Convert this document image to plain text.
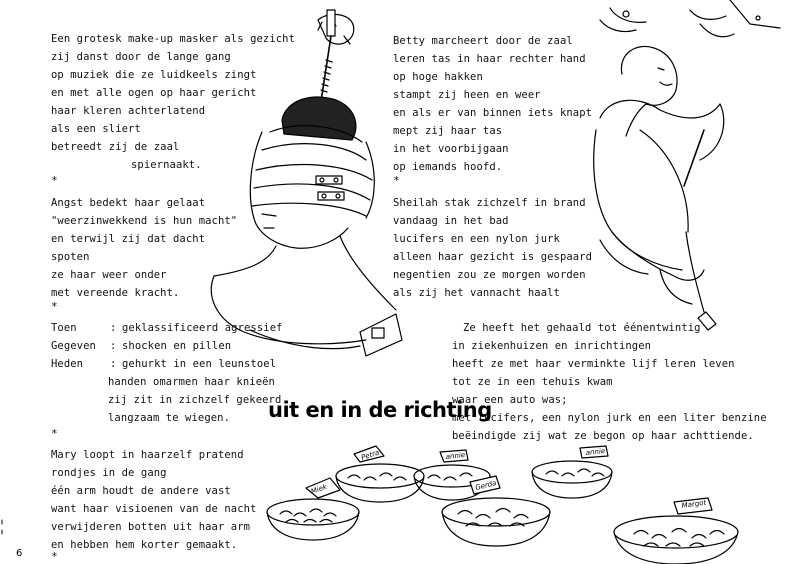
Petra	annie	annie
Gerda
Miek
Margot
Een grotesk make-up masker als gezicht
zij danst door de lange gang
op muziek die ze luidkeels zingt
en met alle ogen op haar gericht
haar kleren achterlatend
als een sliert
betreedt zij de zaal
spiernaakt.
*
Angst bedekt haar gelaat
"weerzinwekkend is hun macht"
en terwijl zij dat dacht
spoten
ze haar weer onder
met vereende kracht.
*
Toen	: geklassificeerd agressief
Gegeven : shocken en pillen
Heden	: gehurkt in een leunstoel
handen omarmen haar knieën
zij zit in zichzelf gekeerd
langzaam te wiegen.
*
Mary loopt in haarzelf pratend
rondjes in de gang
één arm houdt de andere vast
want haar visioenen van de nacht
verwijderen botten uit haar arm
en hebben hem korter gemaakt.
*
Betty marcheert door de zaal
leren tas in haar rechter hand
op hoge hakken
stampt zij heen en weer
en als er van binnen iets knapt
mept zij haar tas
in het voorbijgaan
op iemands hoofd.
*
Sheilah stak zichzelf in brand
vandaag in het bad
lucifers en een nylon jurk
alleen haar gezicht is gespaard
negentien zou ze morgen worden
als zij het vannacht haalt
Ze heeft het gehaald tot éénentwintig
in ziekenhuizen en inrichtingen
heeft ze met haar verminkte lijf leren leven
tot ze in een tehuis kwam
waar een auto was;
met lucifers, een nylon jurk en een liter benzine
beëindigde zij wat ze begon op haar achttiende.
uit en in de richting
6
